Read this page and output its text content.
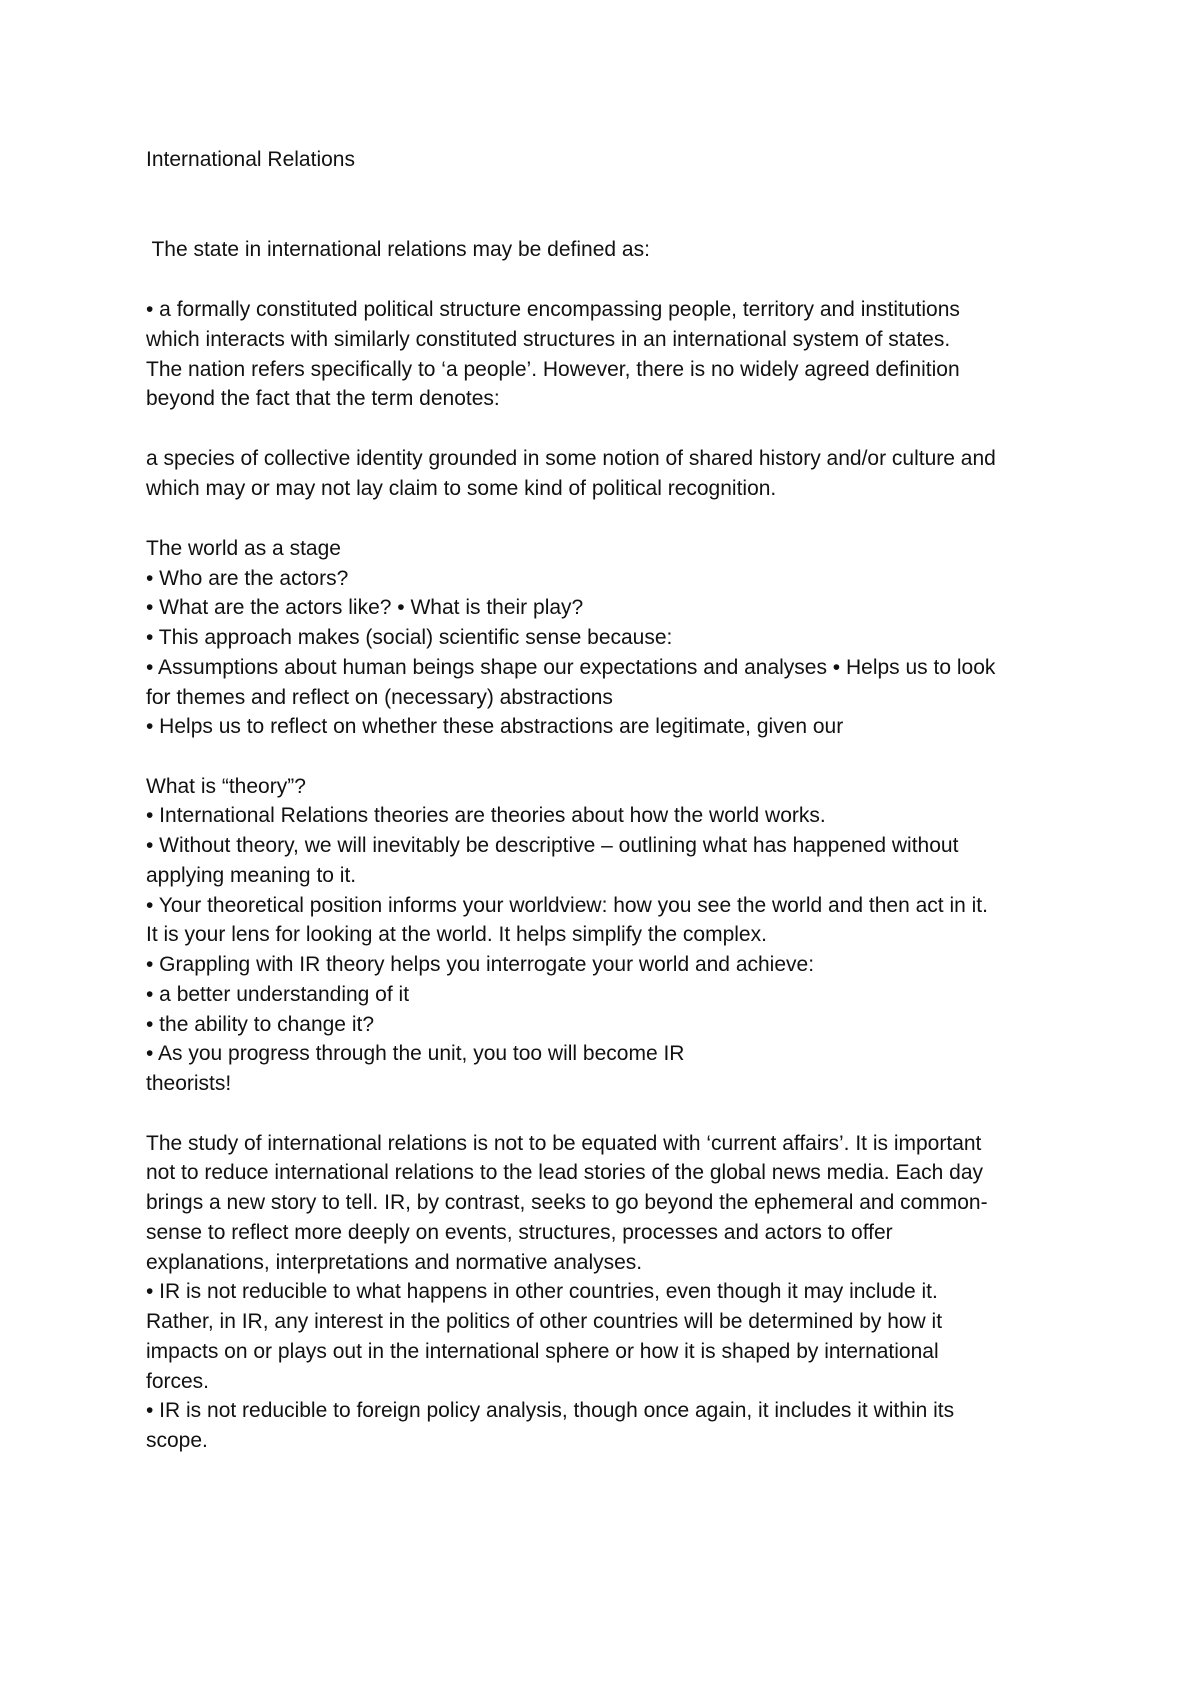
International Relations

The state in international relations may be defined as:

• a formally constituted political structure encompassing people, territory and institutions

which interacts with similarly constituted structures in an international system of states.

The nation refers specifically to ‘a people’. However, there is no widely agreed definition

beyond the fact that the term denotes:

a species of collective identity grounded in some notion of shared history and/or culture and

which may or may not lay claim to some kind of political recognition.

The world as a stage

• Who are the actors?

• What are the actors like? • What is their play?

• This approach makes (social) scientific sense because:

• Assumptions about human beings shape our expectations and analyses • Helps us to look

for themes and reflect on (necessary) abstractions

• Helps us to reflect on whether these abstractions are legitimate, given our

What is “theory”?

• International Relations theories are theories about how the world works.

• Without theory, we will inevitably be descriptive – outlining what has happened without

applying meaning to it.

• Your theoretical position informs your worldview: how you see the world and then act in it.

It is your lens for looking at the world. It helps simplify the complex.

• Grappling with IR theory helps you interrogate your world and achieve:

• a better understanding of it

• the ability to change it?

• As you progress through the unit, you too will become IR

theorists!

The study of international relations is not to be equated with ‘current affairs’. It is important

not to reduce international relations to the lead stories of the global news media. Each day

brings a new story to tell. IR, by contrast, seeks to go beyond the ephemeral and common-

sense to reflect more deeply on events, structures, processes and actors to offer

explanations, interpretations and normative analyses.

• IR is not reducible to what happens in other countries, even though it may include it.

Rather, in IR, any interest in the politics of other countries will be determined by how it

impacts on or plays out in the international sphere or how it is shaped by international

forces.

• IR is not reducible to foreign policy analysis, though once again, it includes it within its

scope.
